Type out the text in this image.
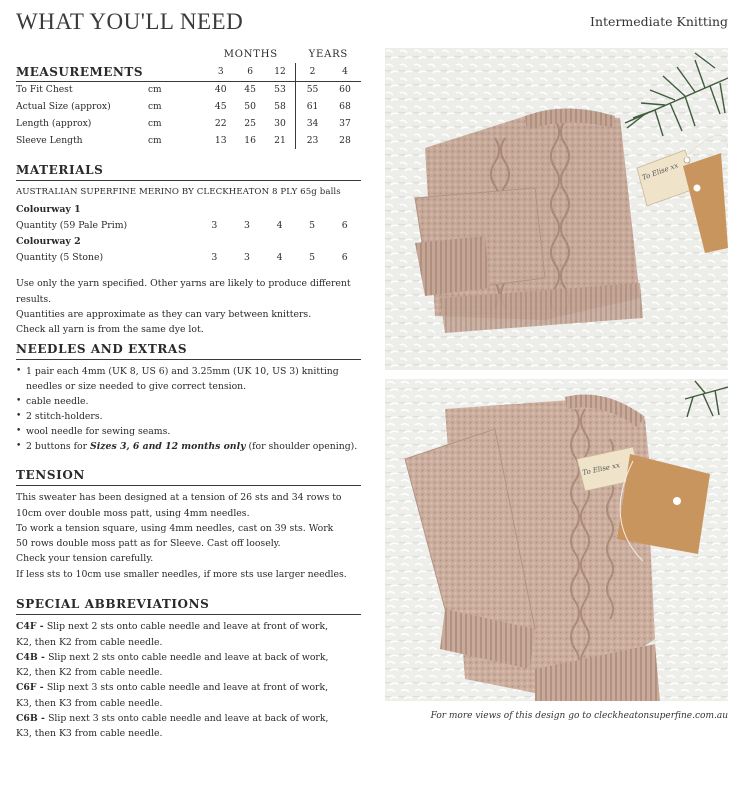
WHAT YOU'LL NEED	Intermediate Knitting
		MONTHS			YEARS	
MEASUREMENTS		3	6	12	2	4
To Fit Chest	cm	40	45	53	55	60
Actual Size (approx)	cm	45	50	58	61	68
Length (approx)	cm	22	25	30	34	37
Sleeve Length	cm	13	16	21	23	28
MATERIALS
AUSTRALIAN SUPERFINE MERINO BY CLECKHEATON 8 PLY 65g balls
Colourway 1
Quantity (59 Pale Prim)	3	3	4	5	6
Colourway 2
Quantity (5 Stone)	3	3	4	5	6
Use only the yarn specified. Other yarns are likely to produce different results.
Quantities are approximate as they can vary between knitters.
Check all yarn is from the same dye lot.
NEEDLES AND EXTRAS
• 1 pair each 4mm (UK 8, US 6) and 3.25mm (UK 10, US 3) knitting needles or size needed to give correct tension.
• cable needle.
• 2 stitch-holders.
• wool needle for sewing seams.
• 2 buttons for Sizes 3, 6 and 12 months only (for shoulder opening).
TENSION
This sweater has been designed at a tension of 26 sts and 34 rows to
10cm over double moss patt, using 4mm needles.
To work a tension square, using 4mm needles, cast on 39 sts. Work
50 rows double moss patt as for Sleeve. Cast off loosely.
Check your tension carefully.
If less sts to 10cm use smaller needles, if more sts use larger needles.
SPECIAL ABBREVIATIONS
C4F - Slip next 2 sts onto cable needle and leave at front of work,
K2, then K2 from cable needle.
C4B - Slip next 2 sts onto cable needle and leave at back of work,
K2, then K2 from cable needle.
C6F - Slip next 3 sts onto cable needle and leave at front of work,
K3, then K3 from cable needle.
C6B - Slip next 3 sts onto cable needle and leave at back of work,
K3, then K3 from cable needle.
To Elise xx
To Elise xx
For more views of this design go to cleckheatonsuperfine.com.au
